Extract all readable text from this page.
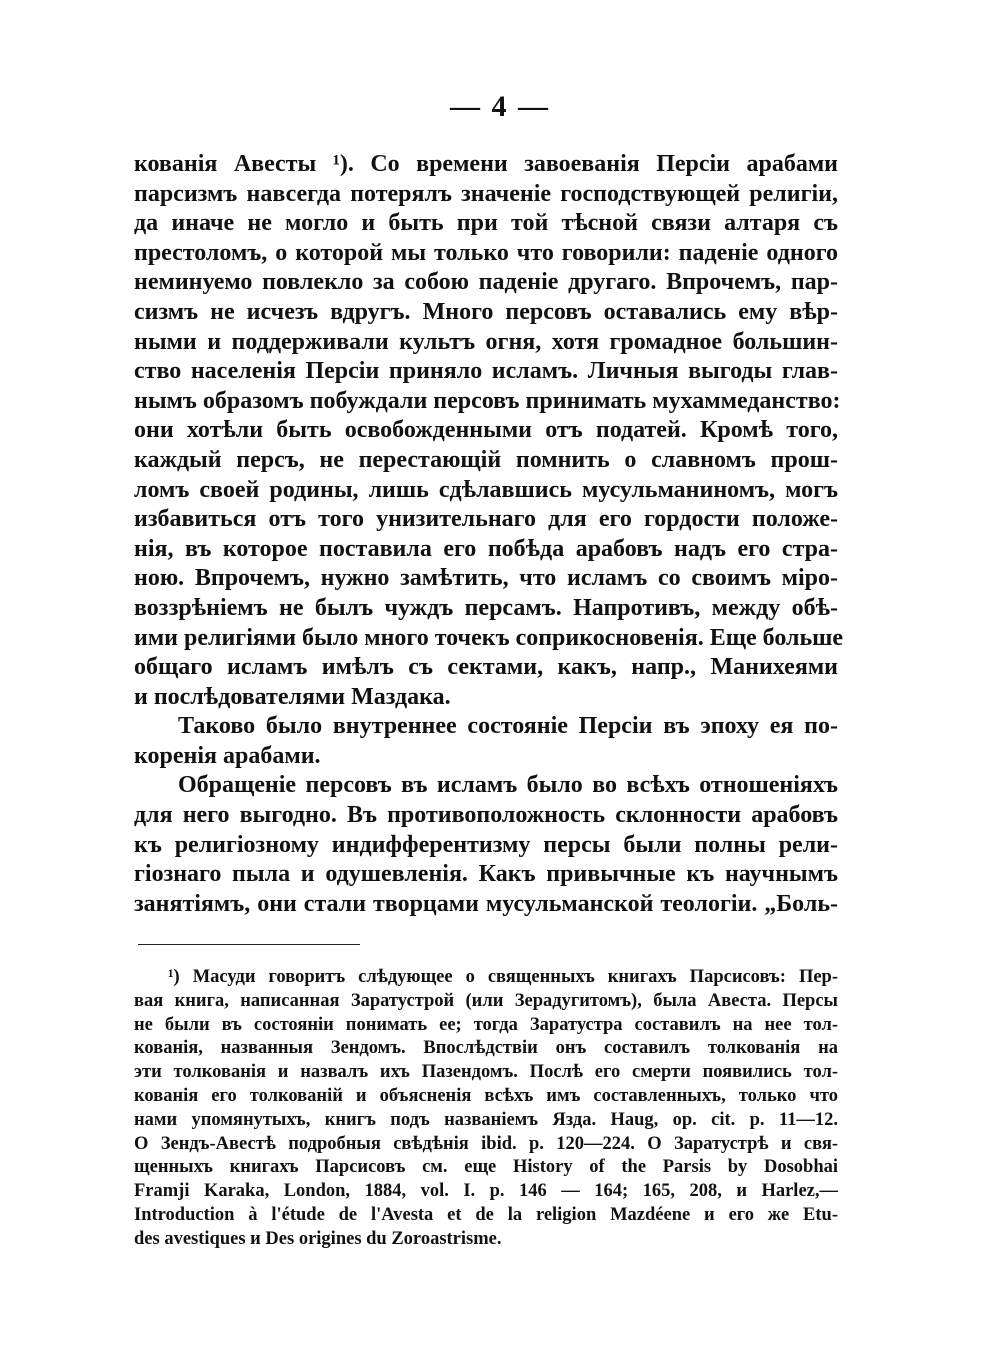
— 4 —
кованія Авесты ¹). Со времени завоеванія Персіи арабами
парсизмъ навсегда потерялъ значеніе господствующей религіи,
да иначе не могло и быть при той тѣсной связи алтаря съ
престоломъ, о которой мы только что говорили: паденіе одного
неминуемо повлекло за собою паденіе другаго. Впрочемъ, пар-
сизмъ не исчезъ вдругъ. Много персовъ оставались ему вѣр-
ными и поддерживали культъ огня, хотя громадное большин-
ство населенія Персіи приняло исламъ. Личныя выгоды глав-
нымъ образомъ побуждали персовъ принимать мухаммеданство:
они хотѣли быть освобожденными отъ податей. Кромѣ того,
каждый персъ, не перестающій помнить о славномъ прош-
ломъ своей родины, лишь сдѣлавшись мусульманиномъ, могъ
избавиться отъ того унизительнаго для его гордости положе-
нія, въ которое поставила его побѣда арабовъ надъ его стра-
ною. Впрочемъ, нужно замѣтить, что исламъ со своимъ міро-
воззрѣніемъ не былъ чуждъ персамъ. Напротивъ, между обѣ-
ими религіями было много точекъ соприкосновенія. Еще больше
общаго исламъ имѣлъ съ сектами, какъ, напр., Манихеями
и послѣдователями Маздака.
Таково было внутреннее состояніе Персіи въ эпоху ея по-
коренія арабами.
Обращеніе персовъ въ исламъ было во всѣхъ отношеніяхъ
для него выгодно. Въ противоположность склонности арабовъ
къ религіозному индифферентизму персы были полны рели-
гіознаго пыла и одушевленія. Какъ привычные къ научнымъ
занятіямъ, они стали творцами мусульманской теологіи. „Боль-
¹) Масуди говоритъ слѣдующее о священныхъ книгахъ Парсисовъ: Пер-
вая книга, написанная Заратустрой (или Зерадугитомъ), была Авеста. Персы
не были въ состояніи понимать ее; тогда Заратустра составилъ на нее тол-
кованія, названныя Зендомъ. Впослѣдствіи онъ составилъ толкованія на
эти толкованія и назвалъ ихъ Пазендомъ. Послѣ его смерти появились тол-
кованія его толкованій и объясненія всѣхъ имъ составленныхъ, только что
нами упомянутыхъ, книгъ подъ названіемъ Язда. Haug, op. cit. p. 11—12.
О Зендъ-Авестѣ подробныя свѣдѣнія ibid. p. 120—224. О Заратустрѣ и свя-
щенныхъ книгахъ Парсисовъ см. еще History of the Parsis by Dosobhai
Framji Karaka, London, 1884, vol. I. p. 146 — 164; 165, 208, и Harlez,—
Introduction à l'étude de l'Avesta et de la religion Mazdéene и его же Etu-
des avestiques и Des origines du Zoroastrisme.
